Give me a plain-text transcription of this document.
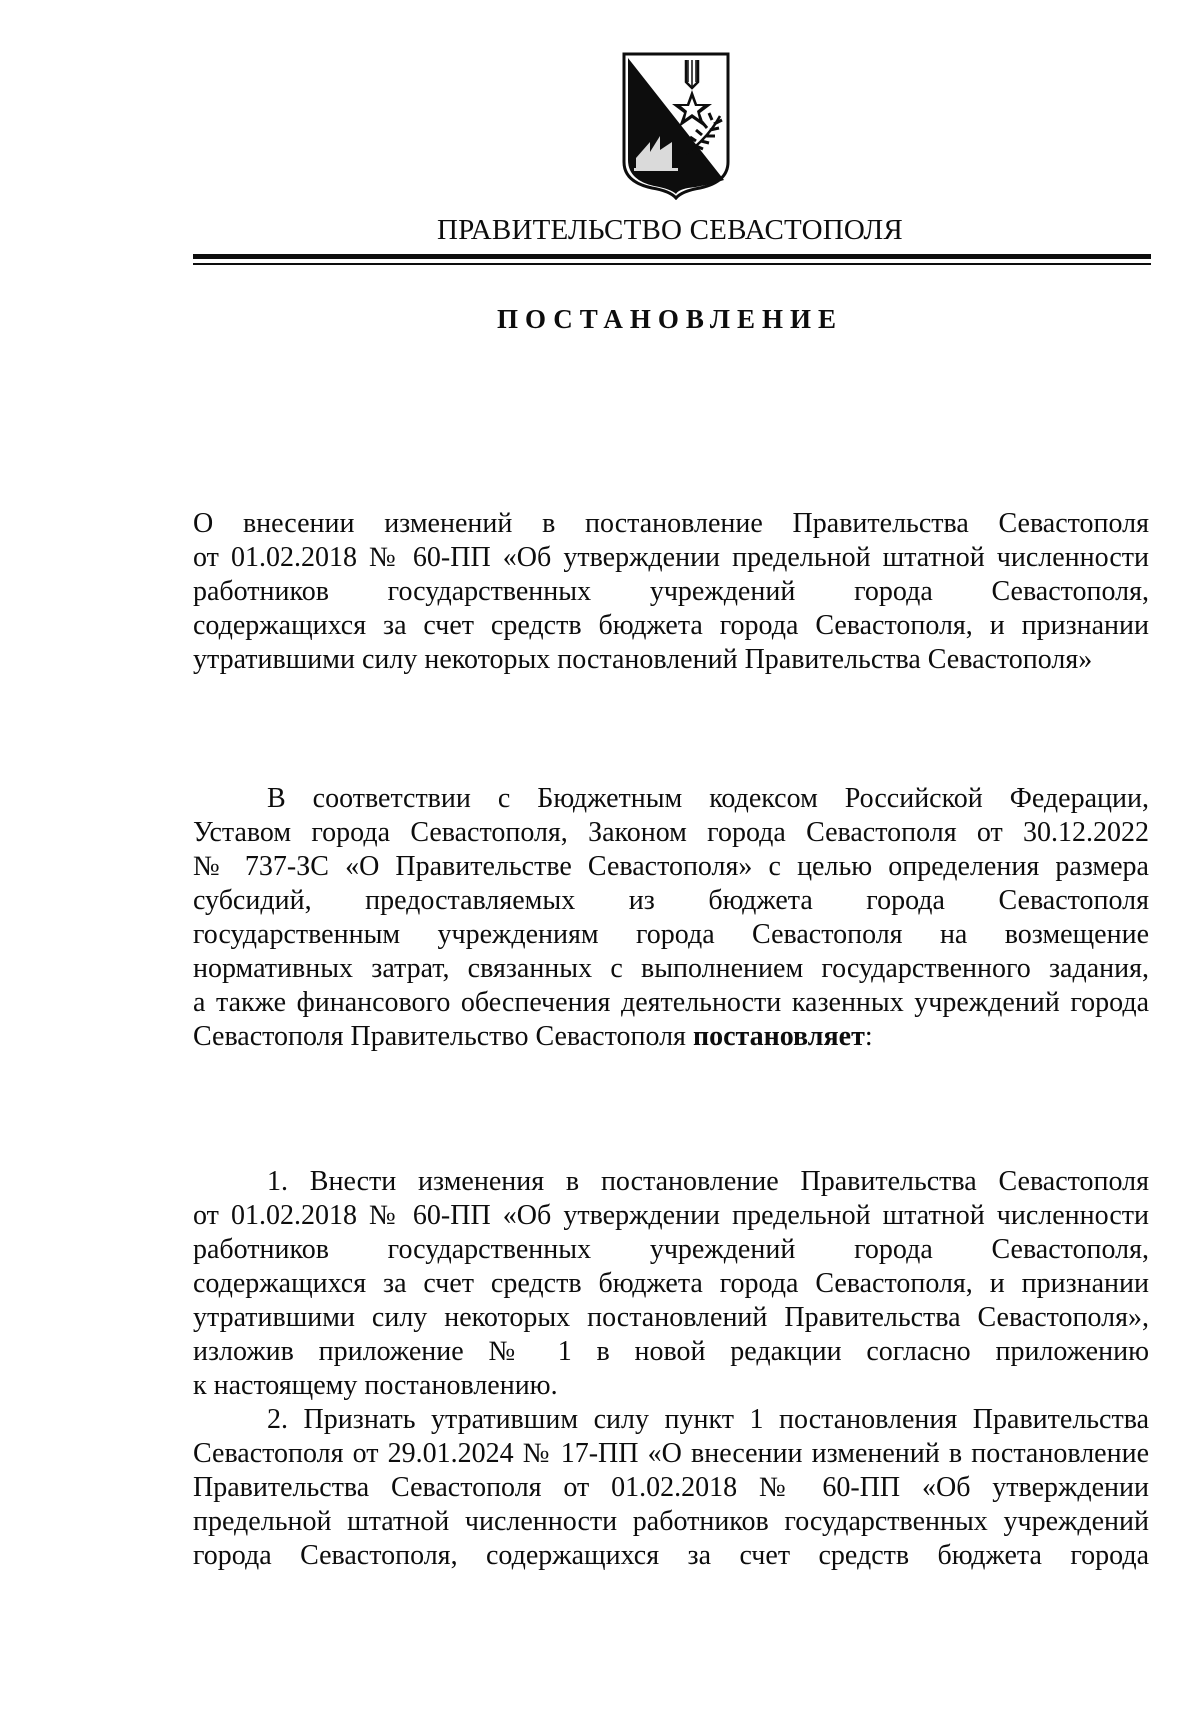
ПРАВИТЕЛЬСТВО СЕВАСТОПОЛЯ
ПОСТАНОВЛЕНИЕ
О внесении изменений в постановление Правительства Севастополя
от 01.02.2018 № 60-ПП «Об утверждении предельной штатной численности
работников государственных учреждений города Севастополя,
содержащихся за счет средств бюджета города Севастополя, и признании
утратившими силу некоторых постановлений Правительства Севастополя»
В соответствии с Бюджетным кодексом Российской Федерации,
Уставом города Севастополя, Законом города Севастополя от 30.12.2022
№ 737-ЗС «О Правительстве Севастополя» с целью определения размера
субсидий, предоставляемых из бюджета города Севастополя
государственным учреждениям города Севастополя на возмещение
нормативных затрат, связанных с выполнением государственного задания,
а также финансового обеспечения деятельности казенных учреждений города
Севастополя Правительство Севастополя постановляет:
1. Внести изменения в постановление Правительства Севастополя
от 01.02.2018 № 60-ПП «Об утверждении предельной штатной численности
работников государственных учреждений города Севастополя,
содержащихся за счет средств бюджета города Севастополя, и признании
утратившими силу некоторых постановлений Правительства Севастополя»,
изложив приложение № 1 в новой редакции согласно приложению
к настоящему постановлению.
2. Признать утратившим силу пункт 1 постановления Правительства
Севастополя от 29.01.2024 № 17-ПП «О внесении изменений в постановление
Правительства Севастополя от 01.02.2018 № 60-ПП «Об утверждении
предельной штатной численности работников государственных учреждений
города Севастополя, содержащихся за счет средств бюджета города
